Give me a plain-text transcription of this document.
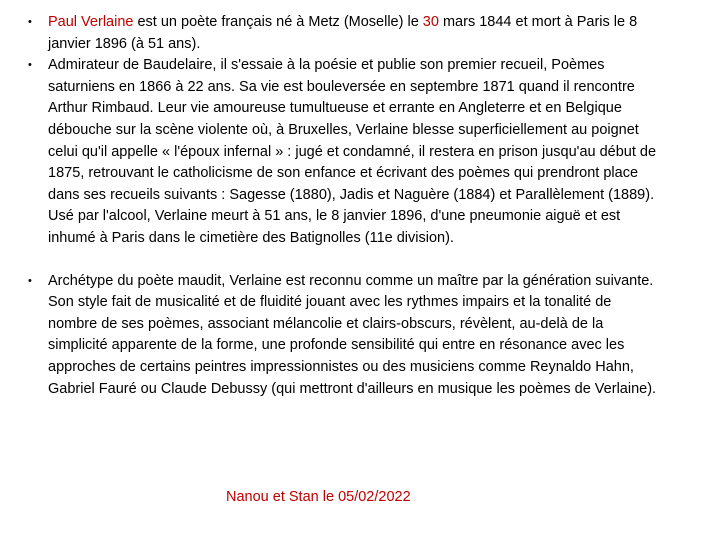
• Paul Verlaine est un poète français né à Metz (Moselle) le 30 mars 1844 et mort à Paris le 8 janvier 1896 (à 51 ans).
• Admirateur de Baudelaire, il s'essaie à la poésie et publie son premier recueil, Poèmes saturniens en 1866 à 22 ans. Sa vie est bouleversée en septembre 1871 quand il rencontre Arthur Rimbaud. Leur vie amoureuse tumultueuse et errante en Angleterre et en Belgique débouche sur la scène violente où, à Bruxelles, Verlaine blesse superficiellement au poignet celui qu'il appelle « l'époux infernal » : jugé et condamné, il restera en prison jusqu'au début de 1875, retrouvant le catholicisme de son enfance et écrivant des poèmes qui prendront place dans ses recueils suivants : Sagesse (1880), Jadis et Naguère (1884) et Parallèlement (1889). Usé par l'alcool, Verlaine meurt à 51 ans, le 8 janvier 1896, d'une pneumonie aiguë et est inhumé à Paris dans le cimetière des Batignolles (11e division).
• Archétype du poète maudit, Verlaine est reconnu comme un maître par la génération suivante. Son style fait de musicalité et de fluidité jouant avec les rythmes impairs et la tonalité de nombre de ses poèmes, associant mélancolie et clairs-obscurs, révèlent, au-delà de la simplicité apparente de la forme, une profonde sensibilité qui entre en résonance avec les approches de certains peintres impressionnistes ou des musiciens comme Reynaldo Hahn, Gabriel Fauré ou Claude Debussy (qui mettront d'ailleurs en musique les poèmes de Verlaine).
Nanou et Stan le 05/02/2022
